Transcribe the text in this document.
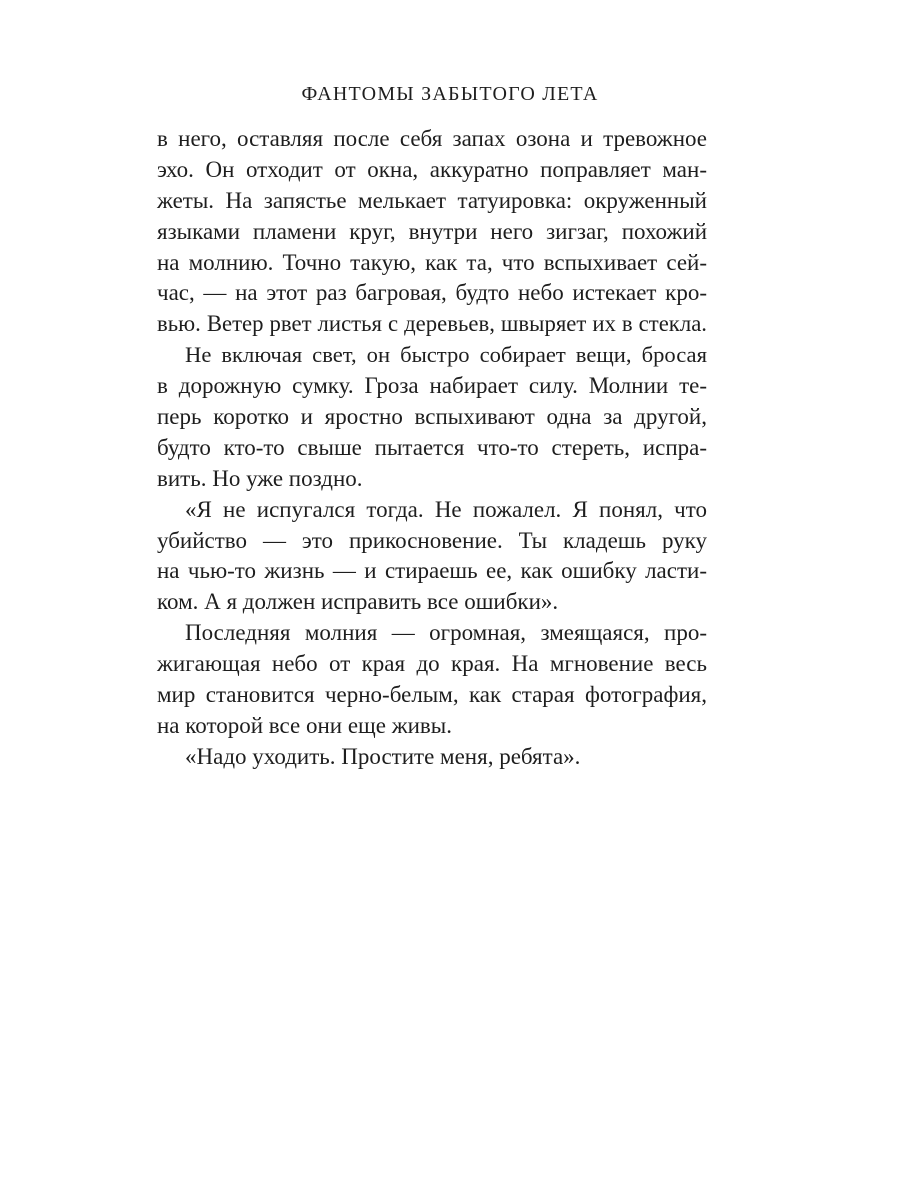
ФАНТОМЫ ЗАБЫТОГО ЛЕТА
в него, оставляя после себя запах озона и тревожное
эхо. Он отходит от окна, аккуратно поправляет ман-
жеты. На запястье мелькает татуировка: окруженный
языками пламени круг, внутри него зигзаг, похожий
на молнию. Точно такую, как та, что вспыхивает сей-
час, — на этот раз багровая, будто небо истекает кро-
вью. Ветер рвет листья с деревьев, швыряет их в стекла.
Не включая свет, он быстро собирает вещи, бросая
в дорожную сумку. Гроза набирает силу. Молнии те-
перь коротко и яростно вспыхивают одна за другой,
будто кто-то свыше пытается что-то стереть, испра-
вить. Но уже поздно.
«Я не испугался тогда. Не пожалел. Я понял, что
убийство — это прикосновение. Ты кладешь руку
на чью-то жизнь — и стираешь ее, как ошибку ласти-
ком. А я должен исправить все ошибки».
Последняя молния — огромная, змеящаяся, про-
жигающая небо от края до края. На мгновение весь
мир становится черно-белым, как старая фотография,
на которой все они еще живы.
«Надо уходить. Простите меня, ребята».
